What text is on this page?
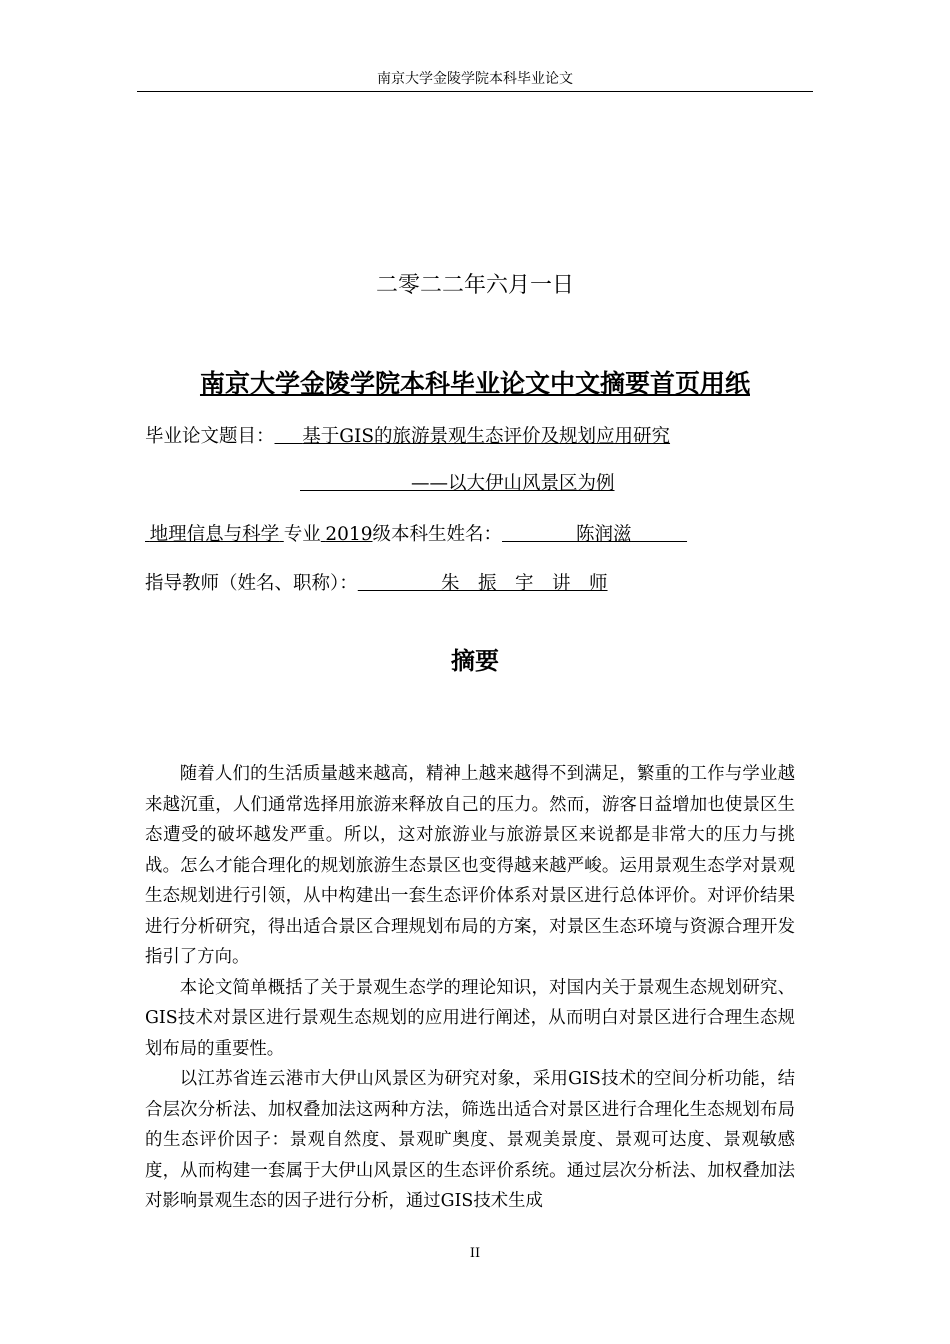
南京大学金陵学院本科毕业论文
二零二二年六月一日
南京大学金陵学院本科毕业论文中文摘要首页用纸
毕业论文题目：   基于GIS的旅游景观生态评价及规划应用研究
      ——以大伊山风景区为例
 地理信息与科学  专业  2019级本科生姓名：    	陈润滋   
指导教师（姓名、职称）：     	朱　振　宇　讲　师
摘要

随着人们的生活质量越来越高，精神上越来越得不到满足，繁重的工作与学业越来越沉重，人们通常选择用旅游来释放自己的压力。然而，游客日益增加也使景区生态遭受的破坏越发严重。所以，这对旅游业与旅游景区来说都是非常大的压力与挑战。怎么才能合理化的规划旅游生态景区也变得越来越严峻。运用景观生态学对景观生态规划进行引领，从中构建出一套生态评价体系对景区进行总体评价。对评价结果进行分析研究，得出适合景区合理规划布局的方案，对景区生态环境与资源合理开发指引了方向。

本论文简单概括了关于景观生态学的理论知识，对国内关于景观生态规划研究、GIS技术对景区进行景观生态规划的应用进行阐述，从而明白对景区进行合理生态规划布局的重要性。

以江苏省连云港市大伊山风景区为研究对象，采用GIS技术的空间分析功能，结合层次分析法、加权叠加法这两种方法，筛选出适合对景区进行合理化生态规划布局的生态评价因子：景观自然度、景观旷奥度、景观美景度、景观可达度、景观敏感度，从而构建一套属于大伊山风景区的生态评价系统。通过层次分析法、加权叠加法对影响景观生态的因子进行分析，通过GIS技术生成

II
